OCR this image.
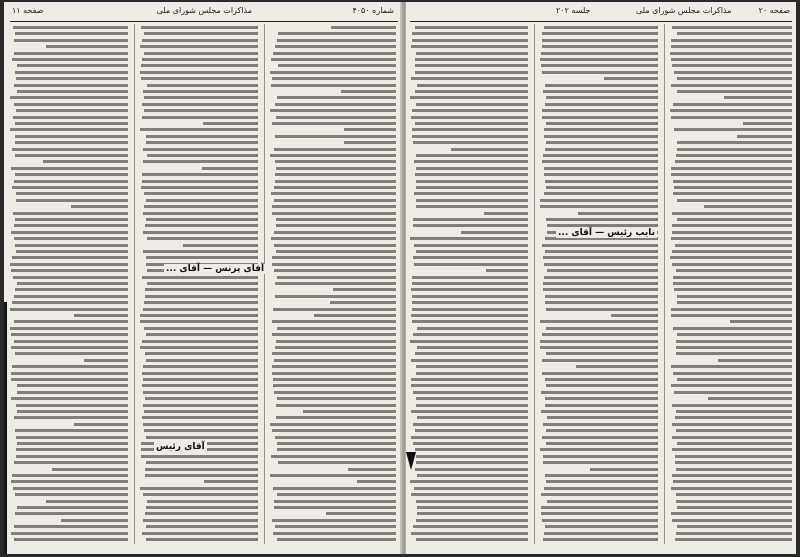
شماره ۴۰۵۰
مذاکرات مجلس شورای ملی
صفحه ۱۱
آقای پرنس — آقای ...
آقای رئیس
جلسه ۲۰۲	مذاکرات مجلس شورای ملی	صفحه ۲۰
نایب رئیس — آقای ...
